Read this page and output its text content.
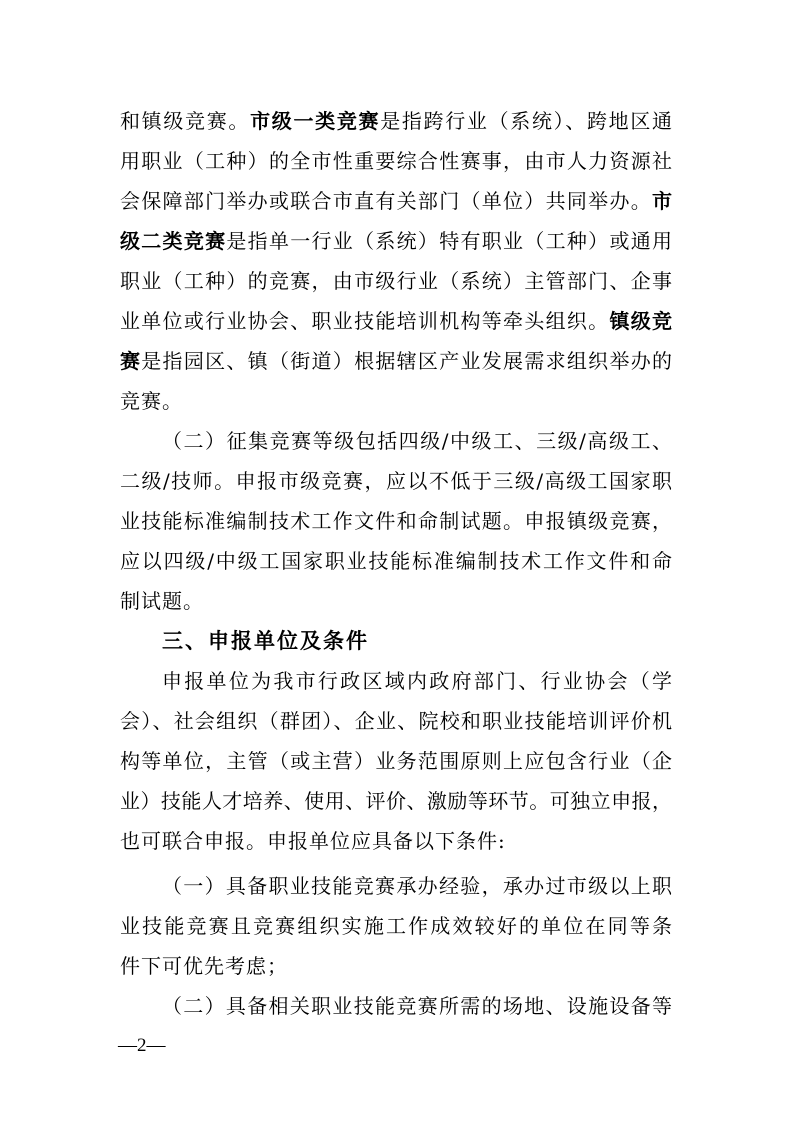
和镇级竞赛。市级一类竞赛是指跨行业（系统）、跨地区通
用职业（工种）的全市性重要综合性赛事，由市人力资源社
会保障部门举办或联合市直有关部门（单位）共同举办。市
级二类竞赛是指单一行业（系统）特有职业（工种）或通用
职业（工种）的竞赛，由市级行业（系统）主管部门、企事
业单位或行业协会、职业技能培训机构等牵头组织。镇级竞
赛是指园区、镇（街道）根据辖区产业发展需求组织举办的
竞赛。
（二）征集竞赛等级包括四级/中级工、三级/高级工、
二级/技师。申报市级竞赛，应以不低于三级/高级工国家职
业技能标准编制技术工作文件和命制试题。申报镇级竞赛，
应以四级/中级工国家职业技能标准编制技术工作文件和命
制试题。
三、申报单位及条件
申报单位为我市行政区域内政府部门、行业协会（学
会）、社会组织（群团）、企业、院校和职业技能培训评价机
构等单位，主管（或主营）业务范围原则上应包含行业（企
业）技能人才培养、使用、评价、激励等环节。可独立申报，
也可联合申报。申报单位应具备以下条件:
（一）具备职业技能竞赛承办经验，承办过市级以上职
业技能竞赛且竞赛组织实施工作成效较好的单位在同等条
件下可优先考虑；
（二）具备相关职业技能竞赛所需的场地、设施设备等
—2—
